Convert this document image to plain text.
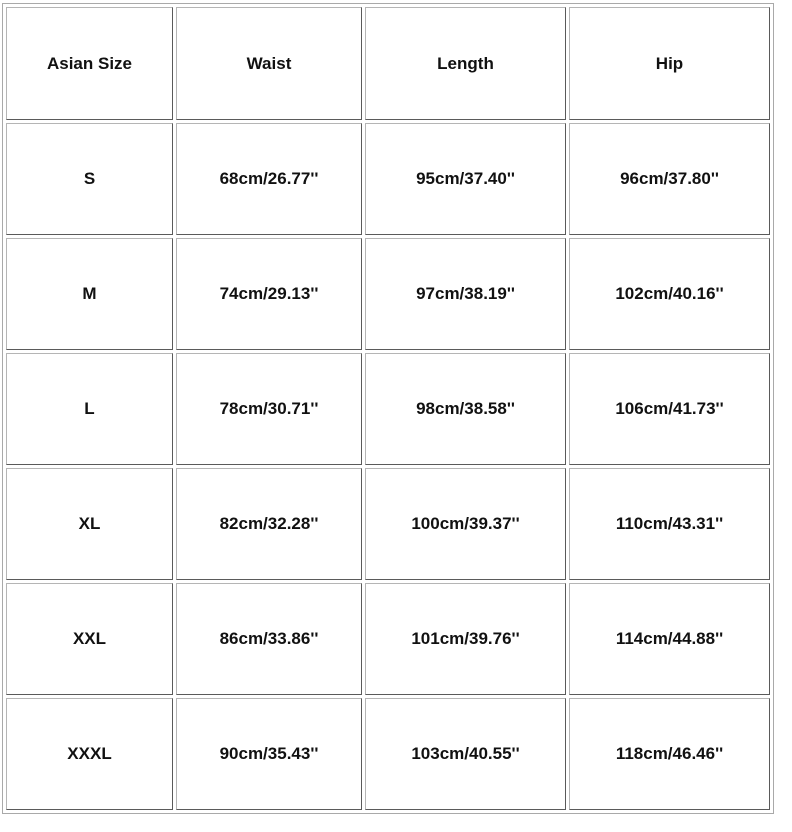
Asian Size	Waist	Length	Hip
S	68cm/26.77''	95cm/37.40''	96cm/37.80''
M	74cm/29.13''	97cm/38.19''	102cm/40.16''
L	78cm/30.71''	98cm/38.58''	106cm/41.73''
XL	82cm/32.28''	100cm/39.37''	110cm/43.31''
XXL	86cm/33.86''	101cm/39.76''	114cm/44.88''
XXXL	90cm/35.43''	103cm/40.55''	118cm/46.46''
